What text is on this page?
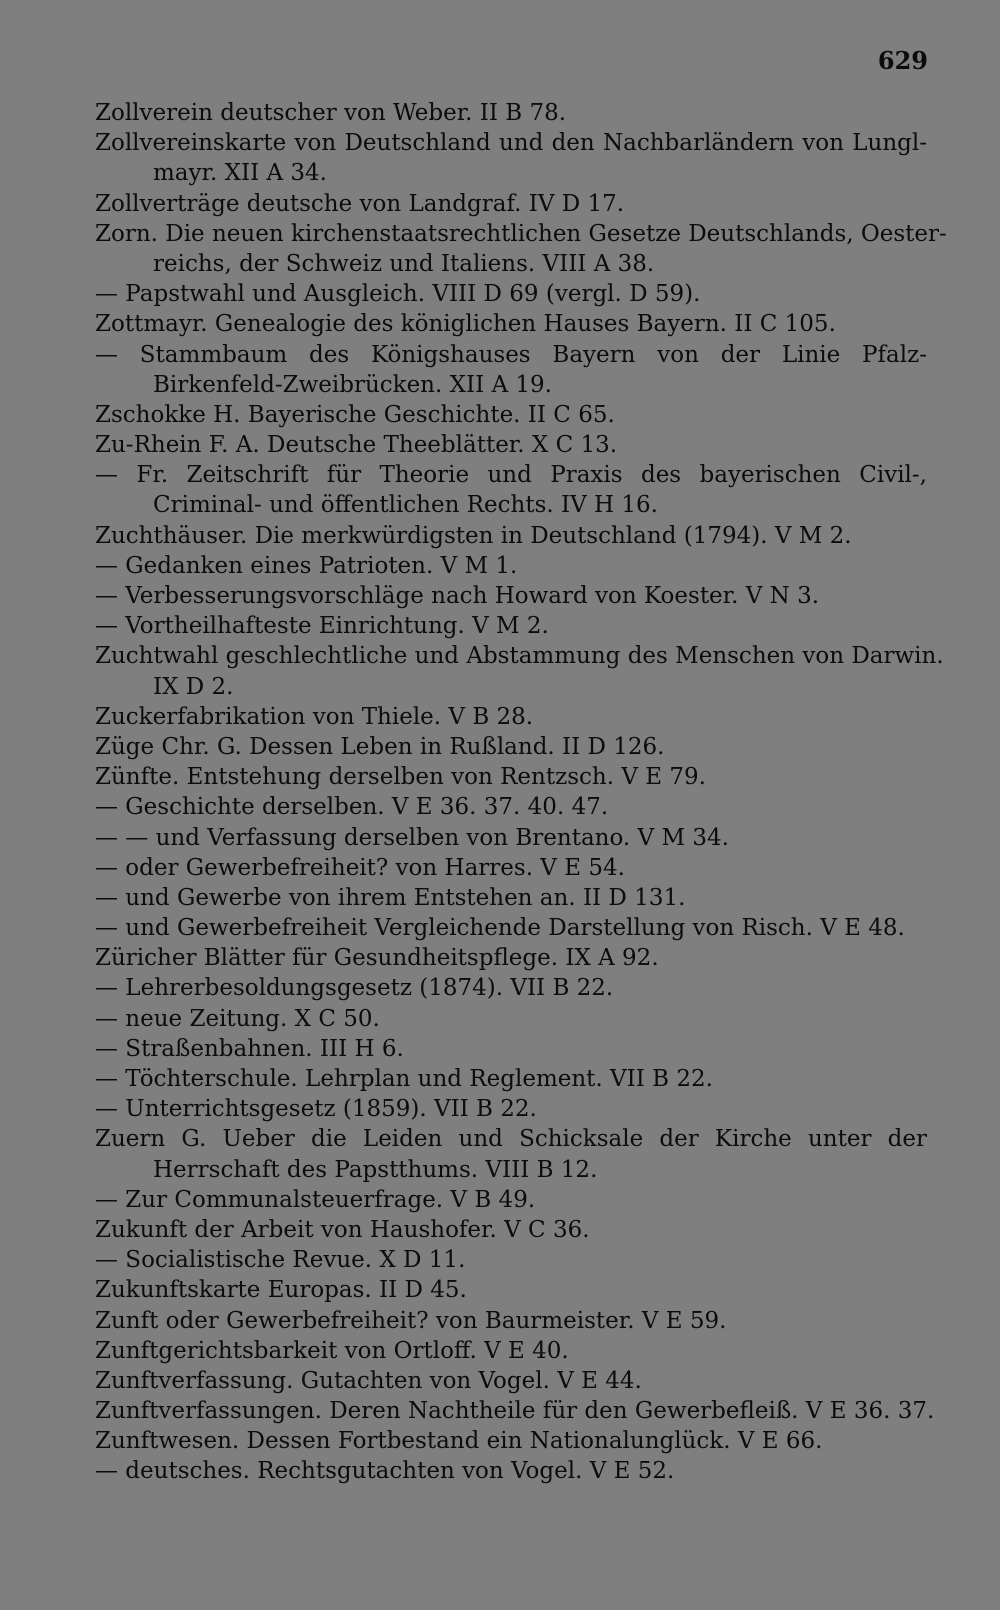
629
Zollverein deutscher von Weber. II B 78.
Zollvereinskarte von Deutschland und den Nachbarländern von Lungl-
mayr. XII A 34.
Zollverträge deutsche von Landgraf. IV D 17.
Zorn. Die neuen kirchenstaatsrechtlichen Gesetze Deutschlands, Oester-
reichs, der Schweiz und Italiens. VIII A 38.
— Papstwahl und Ausgleich. VIII D 69 (vergl. D 59).
Zottmayr. Genealogie des königlichen Hauses Bayern. II C 105.
— Stammbaum des Königshauses Bayern von der Linie Pfalz-
Birkenfeld-Zweibrücken. XII A 19.
Zschokke H. Bayerische Geschichte. II C 65.
Zu-Rhein F. A. Deutsche Theeblätter. X C 13.
— Fr. Zeitschrift für Theorie und Praxis des bayerischen Civil-,
Criminal- und öffentlichen Rechts. IV H 16.
Zuchthäuser. Die merkwürdigsten in Deutschland (1794). V M 2.
— Gedanken eines Patrioten. V M 1.
— Verbesserungsvorschläge nach Howard von Koester. V N 3.
— Vortheilhafteste Einrichtung. V M 2.
Zuchtwahl geschlechtliche und Abstammung des Menschen von Darwin.
IX D 2.
Zuckerfabrikation von Thiele. V B 28.
Züge Chr. G. Dessen Leben in Rußland. II D 126.
Zünfte. Entstehung derselben von Rentzsch. V E 79.
— Geschichte derselben. V E 36. 37. 40. 47.
— — und Verfassung derselben von Brentano. V M 34.
— oder Gewerbefreiheit? von Harres. V E 54.
— und Gewerbe von ihrem Entstehen an. II D 131.
— und Gewerbefreiheit Vergleichende Darstellung von Risch. V E 48.
Züricher Blätter für Gesundheitspflege. IX A 92.
— Lehrerbesoldungsgesetz (1874). VII B 22.
— neue Zeitung. X C 50.
— Straßenbahnen. III H 6.
— Töchterschule. Lehrplan und Reglement. VII B 22.
— Unterrichtsgesetz (1859). VII B 22.
Zuern G. Ueber die Leiden und Schicksale der Kirche unter der
Herrschaft des Papstthums. VIII B 12.
— Zur Communalsteuerfrage. V B 49.
Zukunft der Arbeit von Haushofer. V C 36.
— Socialistische Revue. X D 11.
Zukunftskarte Europas. II D 45.
Zunft oder Gewerbefreiheit? von Baurmeister. V E 59.
Zunftgerichtsbarkeit von Ortloff. V E 40.
Zunftverfassung. Gutachten von Vogel. V E 44.
Zunftverfassungen. Deren Nachtheile für den Gewerbefleiß. V E 36. 37.
Zunftwesen. Dessen Fortbestand ein Nationalunglück. V E 66.
— deutsches. Rechtsgutachten von Vogel. V E 52.
